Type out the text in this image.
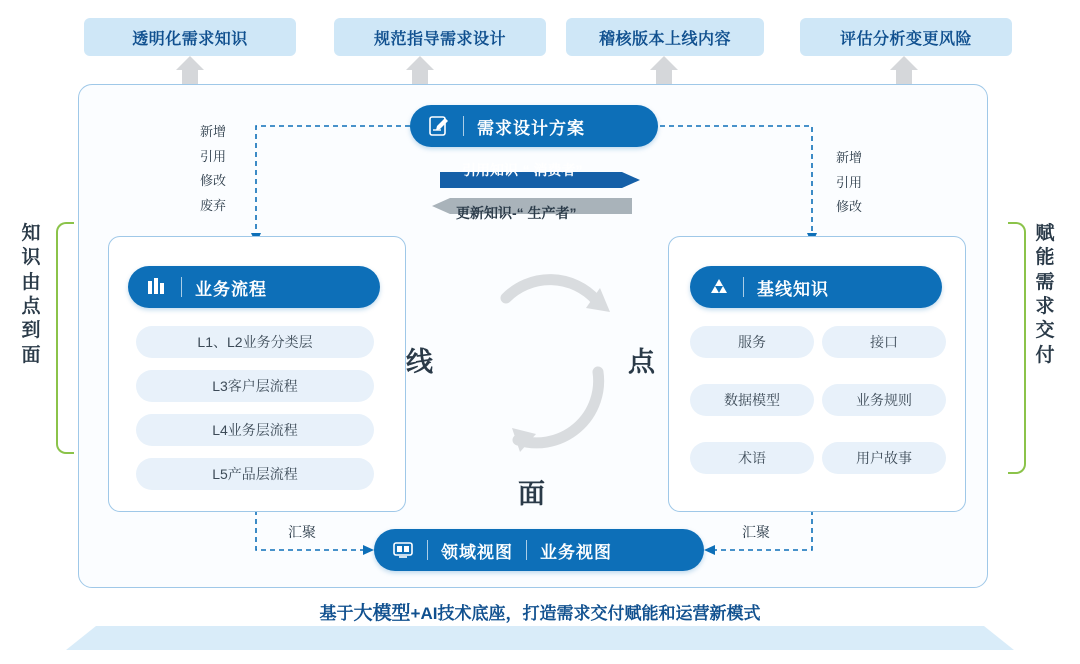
透明化需求知识	规范指导需求设计	稽核版本上线内容	评估分析变更风险
知识由点到面
赋能需求交付
新增
引用
修改
废弃
新增
引用
修改
需求设计方案
引用知识-“ 消费者”
更新知识-“ 生产者”
业务流程
L1、L2业务分类层
L3客户层流程
L4业务层流程
L5产品层流程
基线知识
服务	接口
数据模型	业务规则
术语	用户故事
线	点
面
汇聚	汇聚
领域视图 业务视图
基于大模型+AI技术底座，打造需求交付赋能和运营新模式
